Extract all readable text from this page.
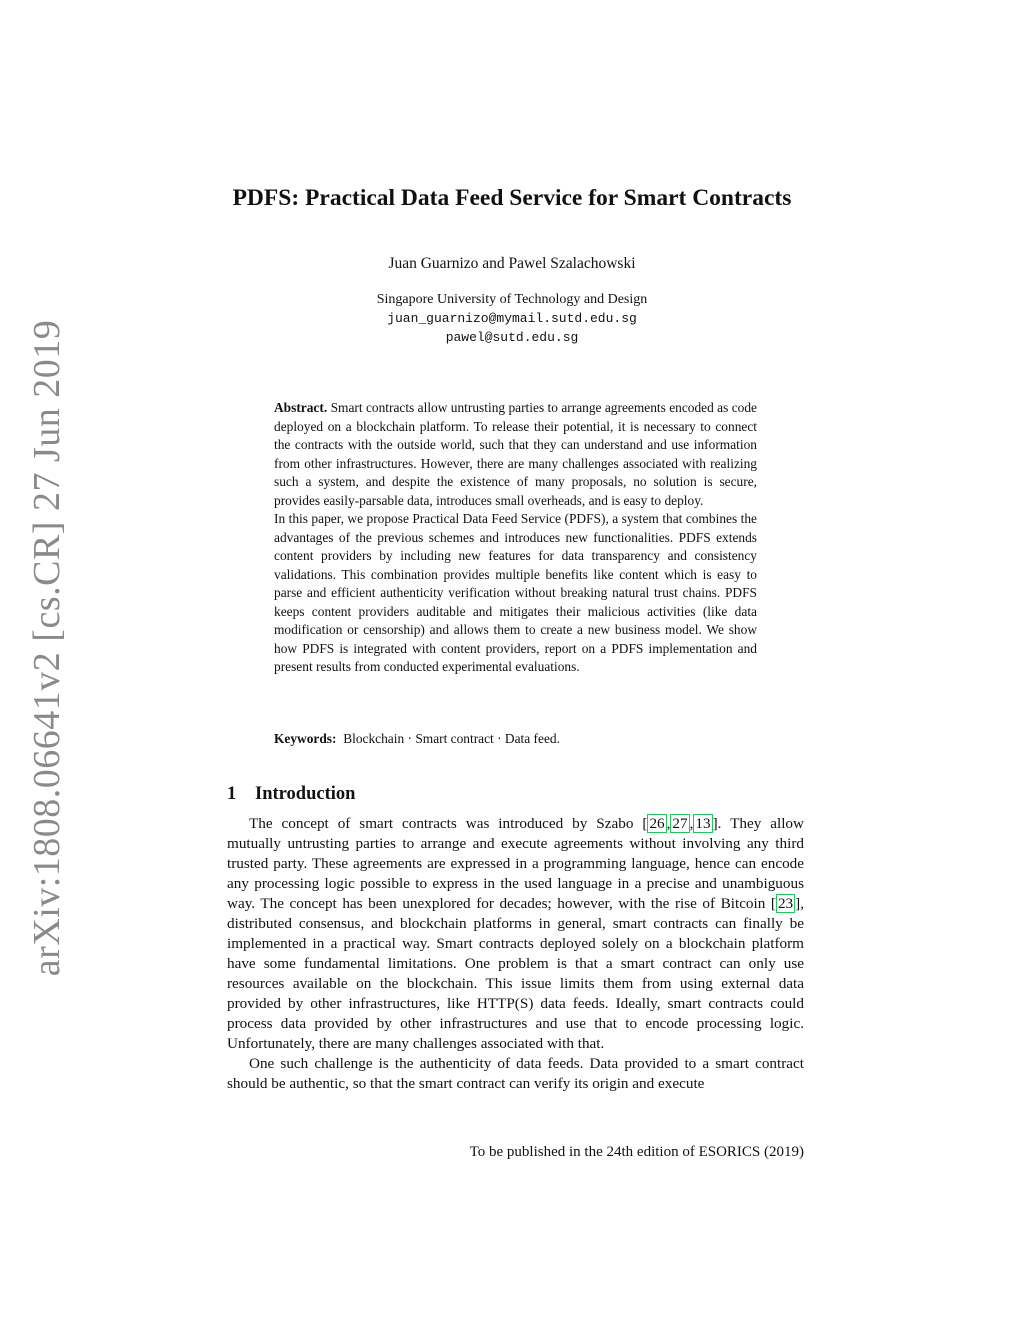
arXiv:1808.06641v2 [cs.CR] 27 Jun 2019
PDFS: Practical Data Feed Service for Smart Contracts
Juan Guarnizo and Pawel Szalachowski
Singapore University of Technology and Design
juan_guarnizo@mymail.sutd.edu.sg
pawel@sutd.edu.sg

Abstract. Smart contracts allow untrusting parties to arrange agreements encoded as code deployed on a blockchain platform. To release their potential, it is necessary to connect the contracts with the outside world, such that they can understand and use information from other infrastructures. However, there are many challenges associated with realizing such a system, and despite the existence of many proposals, no solution is secure, provides easily-parsable data, introduces small overheads, and is easy to deploy.

In this paper, we propose Practical Data Feed Service (PDFS), a system that combines the advantages of the previous schemes and introduces new functionalities. PDFS extends content providers by including new features for data transparency and consistency validations. This combination provides multiple benefits like content which is easy to parse and efficient authenticity verification without breaking natural trust chains. PDFS keeps content providers auditable and mitigates their malicious activities (like data modification or censorship) and allows them to create a new business model. We show how PDFS is integrated with content providers, report on a PDFS implementation and present results from conducted experimental evaluations.

Keywords: Blockchain · Smart contract · Data feed.
1 Introduction

The concept of smart contracts was introduced by Szabo [ 26 , 27 , 13 ]. They allow mutually untrusting parties to arrange and execute agreements without involving any third trusted party. These agreements are expressed in a programming language, hence can encode any processing logic possible to express in the used language in a precise and unambiguous way. The concept has been unexplored for decades; however, with the rise of Bitcoin [ 23 ], distributed consensus, and blockchain platforms in general, smart contracts can finally be implemented in a practical way. Smart contracts deployed solely on a blockchain platform have some fundamental limitations. One problem is that a smart contract can only use resources available on the blockchain. This issue limits them from using external data provided by other infrastructures, like HTTP(S) data feeds. Ideally, smart contracts could process data provided by other infrastructures and use that to encode processing logic. Unfortunately, there are many challenges associated with that.

One such challenge is the authenticity of data feeds. Data provided to a smart contract should be authentic, so that the smart contract can verify its origin and execute

To be published in the 24th edition of ESORICS (2019)
